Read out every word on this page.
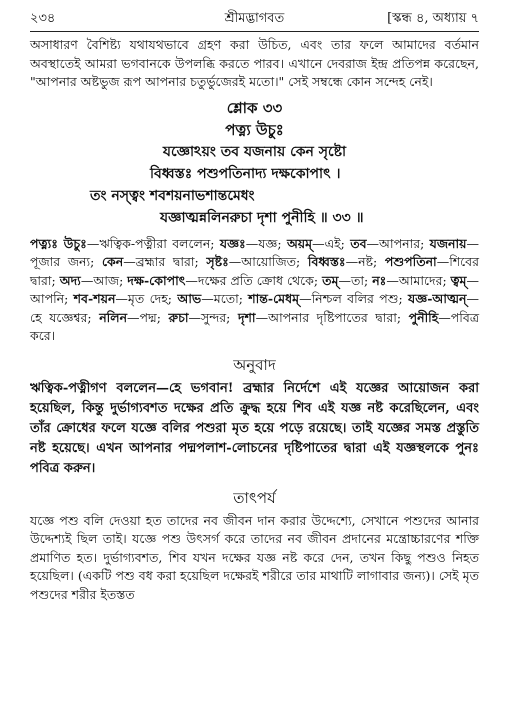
২৩৪	শ্রীমদ্ভাগবত	[স্কন্ধ ৪, অধ্যায় ৭

অসাধারণ বৈশিষ্ট্য যথাযথভাবে গ্রহণ করা উচিত, এবং তার ফলে আমাদের বর্তমান অবস্থাতেই আমরা ভগবানকে উপলব্ধি করতে পারব। এখানে দেবরাজ ইন্দ্র প্রতিপন্ন করেছেন, "আপনার অষ্টভুজ রূপ আপনার চতুর্ভুজেরই মতো।" সেই সম্বন্ধে কোন সন্দেহ নেই।

শ্লোক ৩৩

পত্ন্য উচুঃ

যজ্ঞোঽয়ং তব যজনায় কেন সৃষ্টো

বিধ্বস্তঃ পশুপতিনাদ্য দক্ষকোপাৎ ।

তং নস্ত্বং শবশয়নাভশান্তমেধং

যজ্ঞাত্মন্নলিনরুচা দৃশা পুনীহি ॥ ৩৩ ॥

পত্ন্যঃ উচুঃ—ঋত্বিক-পত্নীরা বললেন; যজ্ঞঃ—যজ্ঞ; অয়ম্—এই; তব—আপনার; যজনায়—পূজার জন্য; কেন—ব্রহ্মার দ্বারা; সৃষ্টঃ—আয়োজিত; বিধ্বস্তঃ—নষ্ট; পশুপতিনা—শিবের দ্বারা; অদ্য—আজ; দক্ষ-কোপাৎ—দক্ষের প্রতি ক্রোধ থেকে; তম্—তা; নঃ—আমাদের; ত্বম্—আপনি; শব-শয়ন—মৃত দেহ; আভ—মতো; শান্ত-মেধম্—নিশ্চল বলির পশু; যজ্ঞ-আত্মন্—হে যজ্ঞেশ্বর; নলিন—পদ্ম; রুচা—সুন্দর; দৃশা—আপনার দৃষ্টিপাতের দ্বারা; পুনীহি—পবিত্র করে।

অনুবাদ

ঋত্বিক-পত্নীগণ বললেন—হে ভগবান! ব্রহ্মার নির্দেশে এই যজ্ঞের আয়োজন করা হয়েছিল, কিন্তু দুর্ভাগ্যবশত দক্ষের প্রতি ক্রুদ্ধ হয়ে শিব এই যজ্ঞ নষ্ট করেছিলেন, এবং তাঁর ক্রোধের ফলে যজ্ঞে বলির পশুরা মৃত হয়ে পড়ে রয়েছে। তাই যজ্ঞের সমস্ত প্রস্তুতি নষ্ট হয়েছে। এখন আপনার পদ্মপলাশ-লোচনের দৃষ্টিপাতের দ্বারা এই যজ্ঞস্থলকে পুনঃ পবিত্র করুন।

তাৎপর্য

যজ্ঞে পশু বলি দেওয়া হত তাদের নব জীবন দান করার উদ্দেশ্যে, সেখানে পশুদের আনার উদ্দেশ্যই ছিল তাই। যজ্ঞে পশু উৎসর্গ করে তাদের নব জীবন প্রদানের মন্ত্রোচ্চারণের শক্তি প্রমাণিত হত। দুর্ভাগ্যবশত, শিব যখন দক্ষের যজ্ঞ নষ্ট করে দেন, তখন কিছু পশুও নিহত হয়েছিল। (একটি পশু বধ করা হয়েছিল দক্ষেরই শরীরে তার মাথাটি লাগাবার জন্য)। সেই মৃত পশুদের শরীর ইতস্তত
